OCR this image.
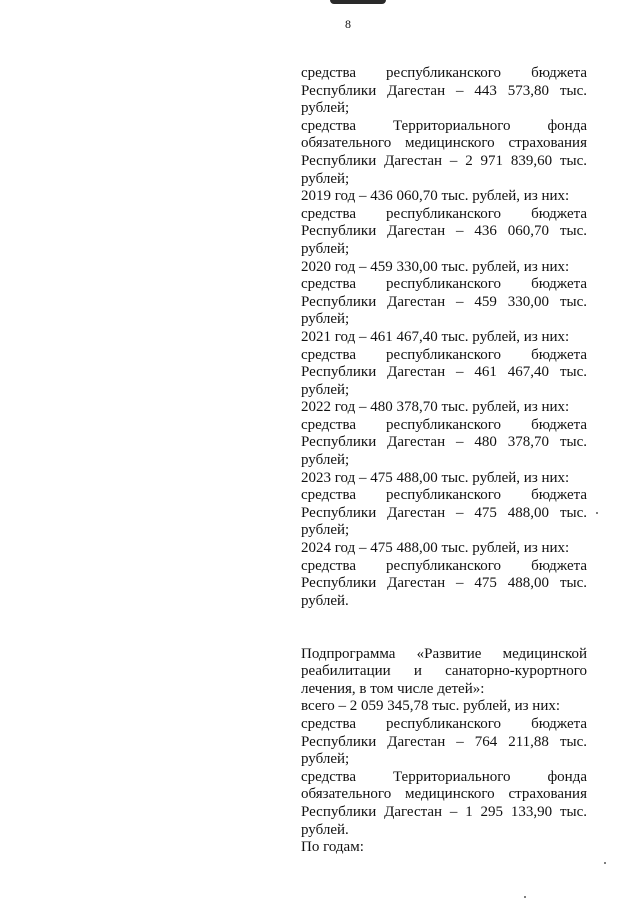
8
средства республиканского бюджета
Республики Дагестан – 443 573,80 тыс.
рублей;
средства Территориального фонда
обязательного медицинского страхования
Республики Дагестан – 2 971 839,60 тыс.
рублей;
2019 год – 436 060,70 тыс. рублей, из них:
средства республиканского бюджета
Республики Дагестан – 436 060,70 тыс.
рублей;
2020 год – 459 330,00 тыс. рублей, из них:
средства республиканского бюджета
Республики Дагестан – 459 330,00 тыс.
рублей;
2021 год – 461 467,40 тыс. рублей, из них:
средства республиканского бюджета
Республики Дагестан – 461 467,40 тыс.
рублей;
2022 год – 480 378,70 тыс. рублей, из них:
средства республиканского бюджета
Республики Дагестан – 480 378,70 тыс.
рублей;
2023 год – 475 488,00 тыс. рублей, из них:
средства республиканского бюджета
Республики Дагестан – 475 488,00 тыс.
рублей;
2024 год – 475 488,00 тыс. рублей, из них:
средства республиканского бюджета
Республики Дагестан – 475 488,00 тыс.
рублей.
Подпрограмма «Развитие медицинской
реабилитации и санаторно-курортного
лечения, в том числе детей»:
всего – 2 059 345,78 тыс. рублей, из них:
средства республиканского бюджета
Республики Дагестан – 764 211,88 тыс.
рублей;
средства Территориального фонда
обязательного медицинского страхования
Республики Дагестан – 1 295 133,90 тыс.
рублей.
По годам:
